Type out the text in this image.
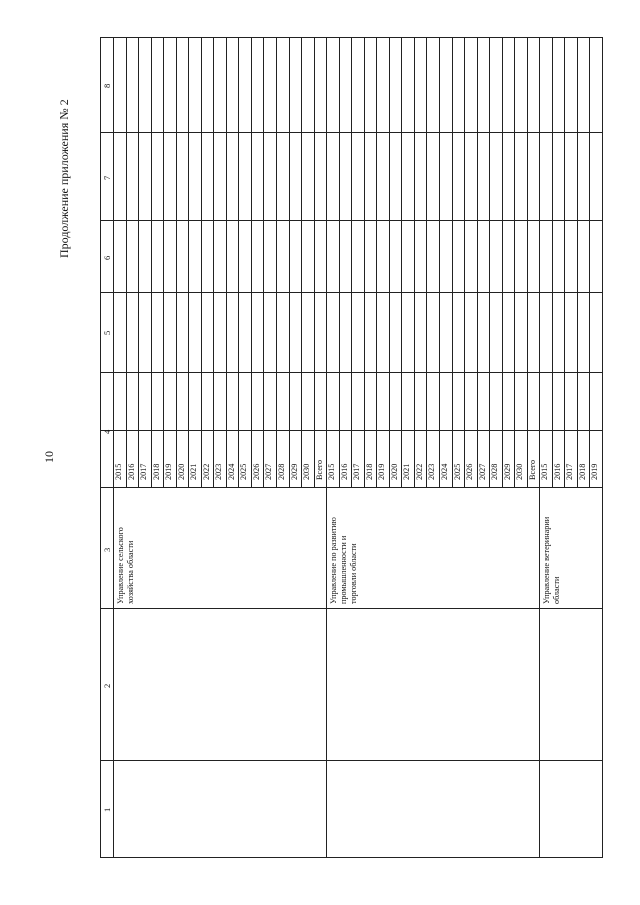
10
Продолжение приложения № 2
1
2
3
4
5
6
7
8
2015 2016 2017 2018 2019 2020 2021 2022 2023 2024 2025 2026 2027 2028 2029 2030 Всего 2015 2016 2017 2018 2019 2020 2021 2022 2023 2024 2025 2026 2027 2028 2029 2030 Всего 2015 2016 2017 2018 2019
Управление сельского хозяйства области	Управление по развитию промышленности и торговли области	Управление ветеринарии области
